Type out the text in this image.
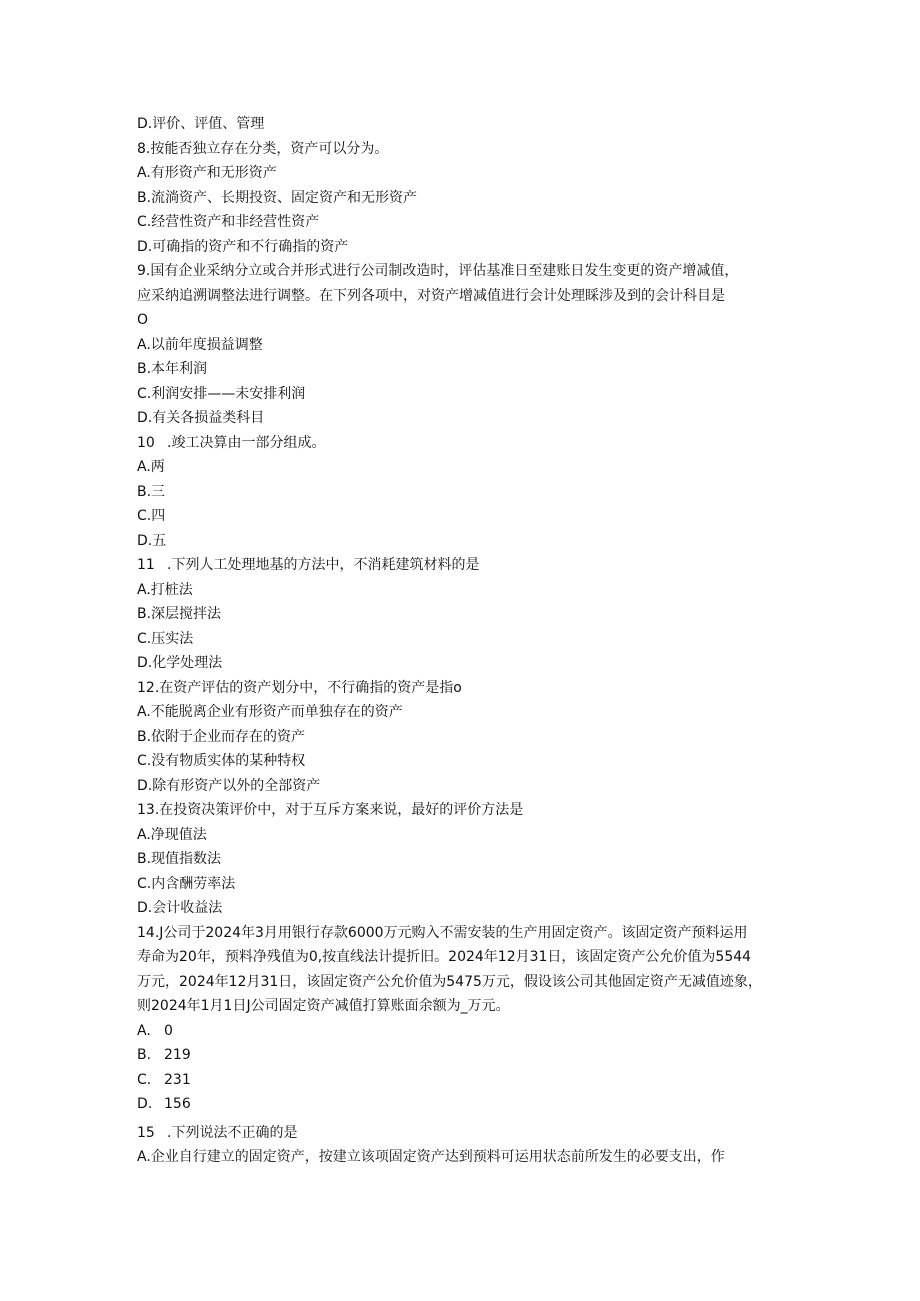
D.评价、评值、管理
8.按能否独立存在分类，资产可以分为。
A.有形资产和无形资产
B.流淌资产、长期投资、固定资产和无形资产
C.经营性资产和非经营性资产
D.可确指的资产和不行确指的资产
9.国有企业采纳分立或合并形式进行公司制改造时，评估基准日至建账日发生变更的资产增减值，
应采纳追溯调整法进行调整。在下列各项中，对资产增减值进行会计处理睬涉及到的会计科目是
O
A.以前年度损益调整
B.本年利润
C.利润安排——未安排利润
D.有关各损益类科目
10 .竣工决算由一部分组成。
A.两
B.三
C.四
D.五
11 .下列人工处理地基的方法中，不消耗建筑材料的是
A.打桩法
B.深层搅拌法
C.压实法
D.化学处理法
12.在资产评估的资产划分中，不行确指的资产是指o
A.不能脱离企业有形资产而单独存在的资产
B.依附于企业而存在的资产
C.没有物质实体的某种特权
D.除有形资产以外的全部资产
13.在投资决策评价中，对于互斥方案来说，最好的评价方法是
A.净现值法
B.现值指数法
C.内含酬劳率法
D.会计收益法
14.J公司于2024年3月用银行存款6000万元购入不需安装的生产用固定资产。该固定资产预料运用
寿命为20年，预料净残值为0,按直线法计提折旧。2024年12月31日，该固定资产公允价值为5544
万元，2024年12月31日，该固定资产公允价值为5475万元，假设该公司其他固定资产无减值迹象，
则2024年1月1日J公司固定资产减值打算账面余额为_万元。
A. 0
B. 219
C. 231
D. 156
15 .下列说法不正确的是
A.企业自行建立的固定资产，按建立该项固定资产达到预料可运用状态前所发生的必要支出，作
